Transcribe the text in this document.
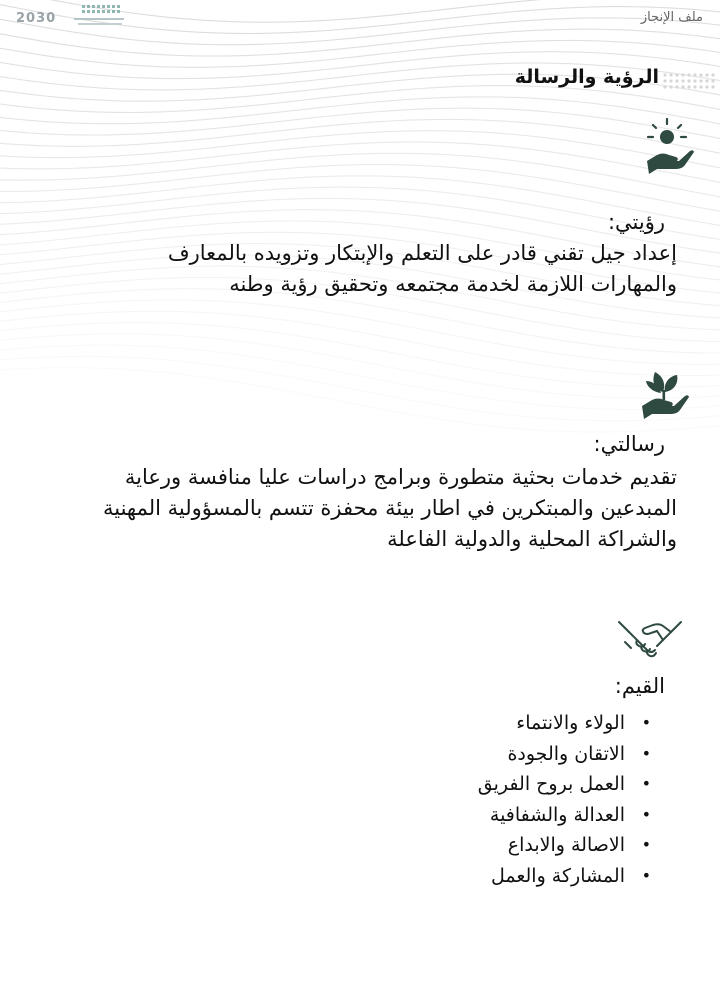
2030	ملف الإنجاز
الرؤية والرسالة
رؤيتي:

إعداد جيل تقني قادر على التعلم والإبتكار وتزويده بالمعارف

والمهارات اللازمة لخدمة مجتمعه وتحقيق رؤية وطنه

رسالتي:

تقديم خدمات بحثية متطورة وبرامج دراسات عليا منافسة ورعاية

المبدعين والمبتكرين في اطار بيئة محفزة تتسم بالمسؤولية المهنية

والشراكة المحلية والدولية الفاعلة

القيم:
• الولاء والانتماء
• الاتقان والجودة
• العمل بروح الفريق
• العدالة والشفافية
• الاصالة والابداع
• المشاركة والعمل
